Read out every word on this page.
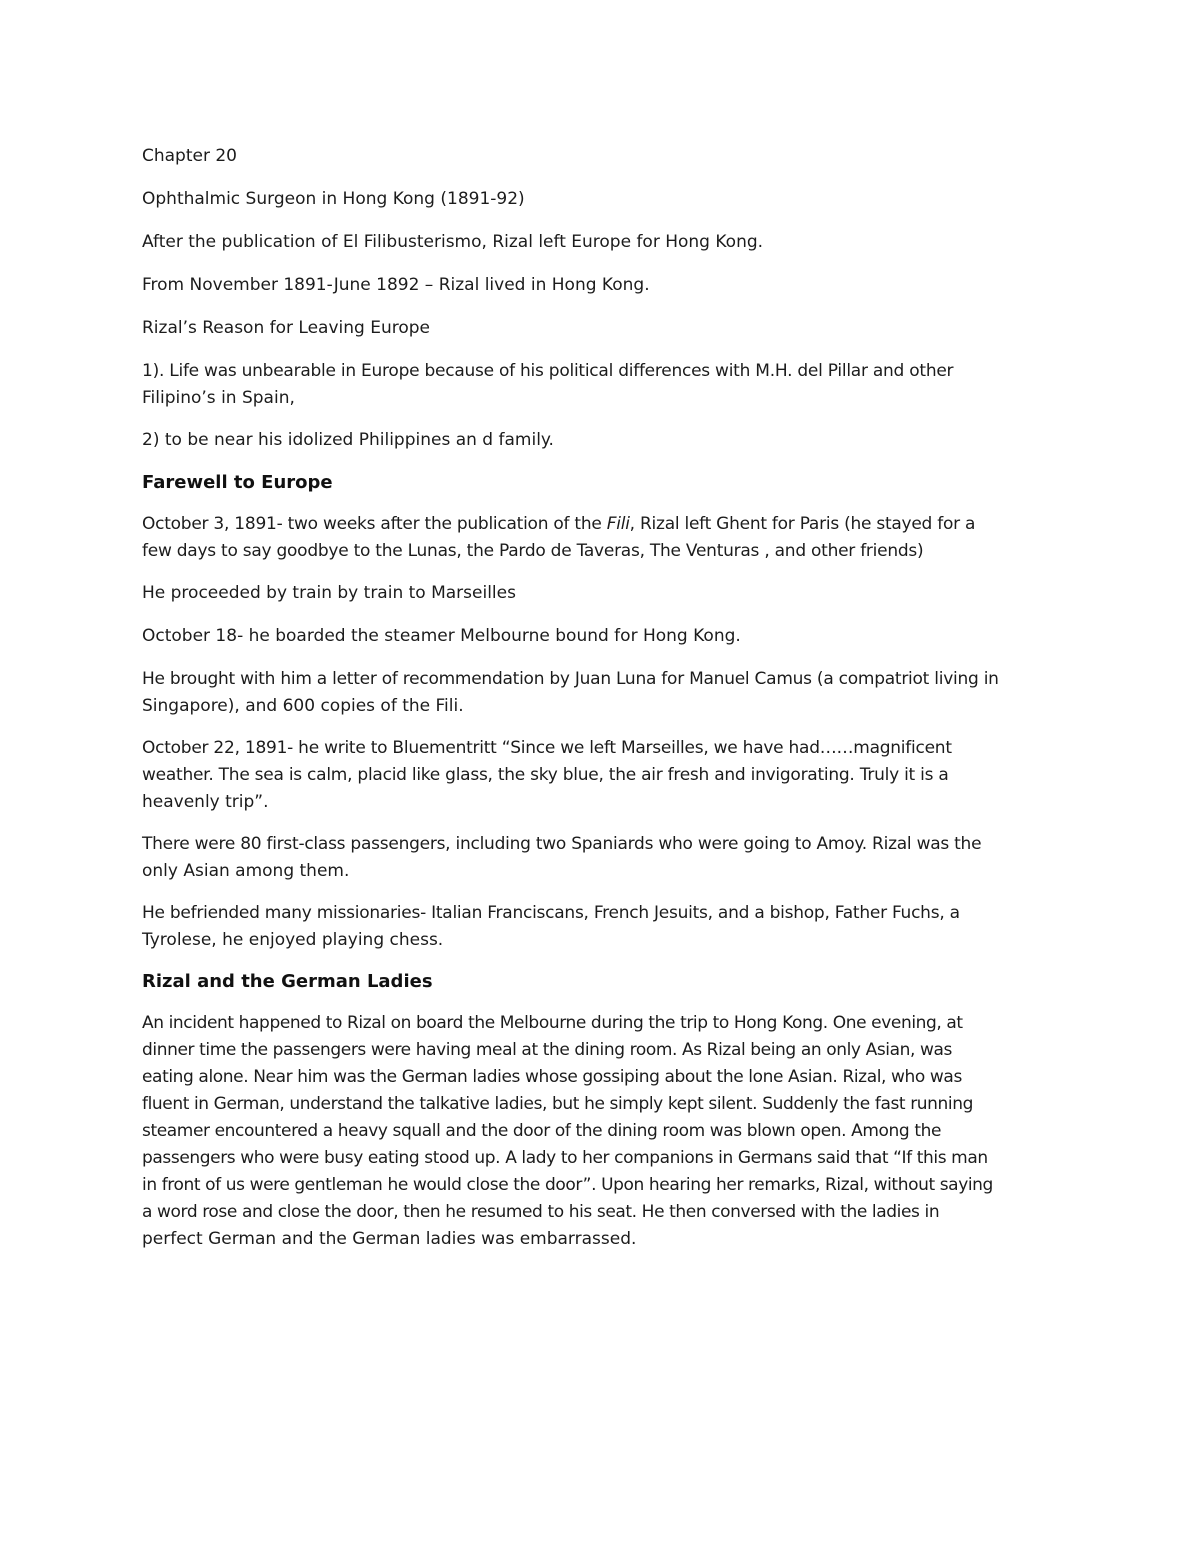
Chapter 20

Ophthalmic Surgeon in Hong Kong (1891-92)

After the publication of El Filibusterismo, Rizal left Europe for Hong Kong.

From November 1891-June 1892 – Rizal lived in Hong Kong.

Rizal’s Reason for Leaving Europe

1). Life was unbearable in Europe because of his political differences with M.H. del Pillar and other
Filipino’s in Spain,

2) to be near his idolized Philippines an d family.

Farewell to Europe

October 3, 1891- two weeks after the publication of the Fili, Rizal left Ghent for Paris (he stayed for a
few days to say goodbye to the Lunas, the Pardo de Taveras, The Venturas , and other friends)

He proceeded by train by train to Marseilles

October 18- he boarded the steamer Melbourne bound for Hong Kong.

He brought with him a letter of recommendation by Juan Luna for Manuel Camus (a compatriot living in
Singapore), and 600 copies of the Fili.

October 22, 1891- he write to Bluementritt “Since we left Marseilles, we have had……magnificent
weather. The sea is calm, placid like glass, the sky blue, the air fresh and invigorating. Truly it is a
heavenly trip”.

There were 80 first-class passengers, including two Spaniards who were going to Amoy. Rizal was the
only Asian among them.

He befriended many missionaries- Italian Franciscans, French Jesuits, and a bishop, Father Fuchs, a
Tyrolese, he enjoyed playing chess.

Rizal and the German Ladies

An incident happened to Rizal on board the Melbourne during the trip to Hong Kong. One evening, at
dinner time the passengers were having meal at the dining room. As Rizal being an only Asian, was
eating alone. Near him was the German ladies whose gossiping about the lone Asian. Rizal, who was
fluent in German, understand the talkative ladies, but he simply kept silent. Suddenly the fast running
steamer encountered a heavy squall and the door of the dining room was blown open. Among the
passengers who were busy eating stood up. A lady to her companions in Germans said that “If this man
in front of us were gentleman he would close the door”. Upon hearing her remarks, Rizal, without saying
a word rose and close the door, then he resumed to his seat. He then conversed with the ladies in
perfect German and the German ladies was embarrassed.
